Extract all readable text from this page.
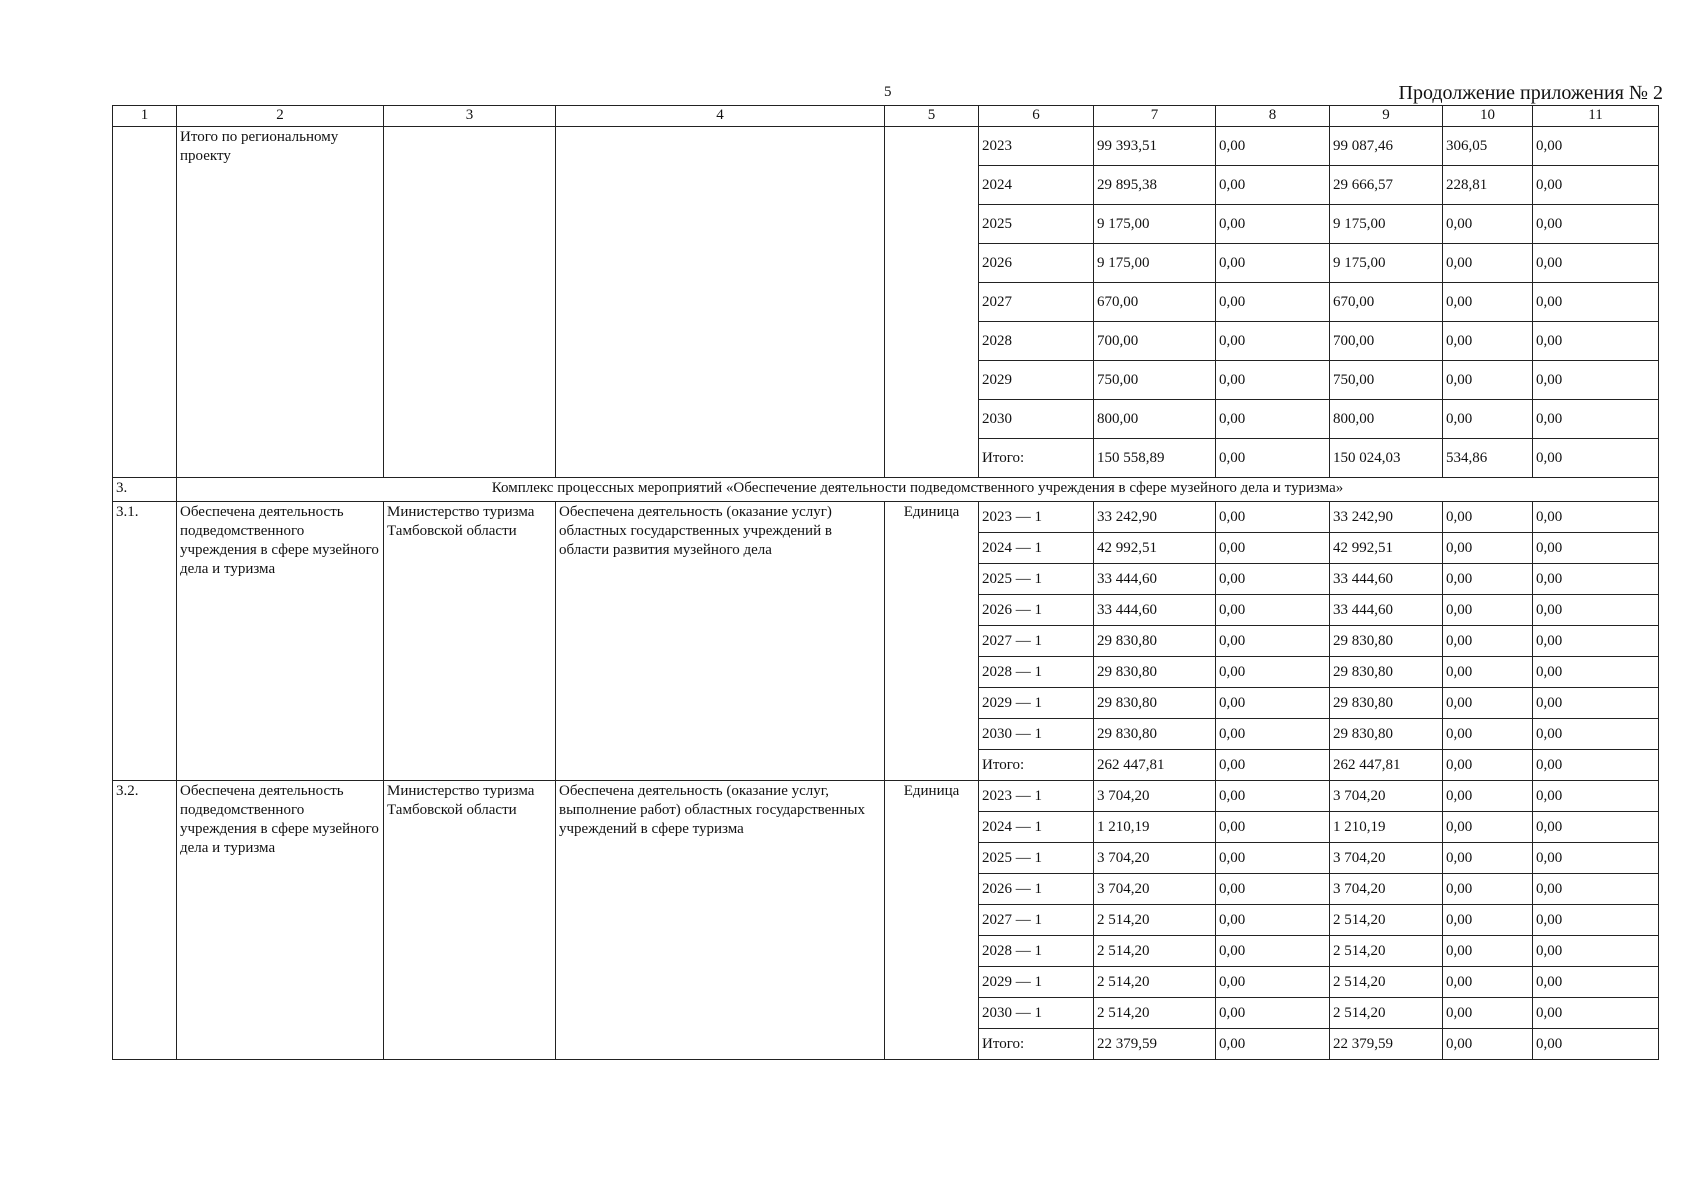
5	Продолжение приложения № 2
1	2	3	4	5	6	7	8	9	10	11
	Итого по региональному проекту				2023	99 393,51	0,00	99 087,46	306,05	0,00
					2024	29 895,38	0,00	29 666,57	228,81	0,00
					2025	9 175,00	0,00	9 175,00	0,00	0,00
					2026	9 175,00	0,00	9 175,00	0,00	0,00
					2027	670,00	0,00	670,00	0,00	0,00
					2028	700,00	0,00	700,00	0,00	0,00
					2029	750,00	0,00	750,00	0,00	0,00
					2030	800,00	0,00	800,00	0,00	0,00
					Итого:	150 558,89	0,00	150 024,03	534,86	0,00
3.	Комплекс процессных мероприятий «Обеспечение деятельности подведомственного учреждения в сфере музейного дела и туризма»									
3.1.	Обеспечена деятельность подведомственного учреждения в сфере музейного дела и туризма	Министерство туризма Тамбовской области	Обеспечена деятельность (оказание услуг) областных государственных учреждений в области развития музейного дела	Единица	2023 — 1	33 242,90	0,00	33 242,90	0,00	0,00
					2024 — 1	42 992,51	0,00	42 992,51	0,00	0,00
					2025 — 1	33 444,60	0,00	33 444,60	0,00	0,00
					2026 — 1	33 444,60	0,00	33 444,60	0,00	0,00
					2027 — 1	29 830,80	0,00	29 830,80	0,00	0,00
					2028 — 1	29 830,80	0,00	29 830,80	0,00	0,00
					2029 — 1	29 830,80	0,00	29 830,80	0,00	0,00
					2030 — 1	29 830,80	0,00	29 830,80	0,00	0,00
					Итого:	262 447,81	0,00	262 447,81	0,00	0,00
3.2.	Обеспечена деятельность подведомственного учреждения в сфере музейного дела и туризма	Министерство туризма Тамбовской области	Обеспечена деятельность (оказание услуг, выполнение работ) областных государственных учреждений в сфере туризма	Единица	2023 — 1	3 704,20	0,00	3 704,20	0,00	0,00
					2024 — 1	1 210,19	0,00	1 210,19	0,00	0,00
					2025 — 1	3 704,20	0,00	3 704,20	0,00	0,00
					2026 — 1	3 704,20	0,00	3 704,20	0,00	0,00
					2027 — 1	2 514,20	0,00	2 514,20	0,00	0,00
					2028 — 1	2 514,20	0,00	2 514,20	0,00	0,00
					2029 — 1	2 514,20	0,00	2 514,20	0,00	0,00
					2030 — 1	2 514,20	0,00	2 514,20	0,00	0,00
					Итого:	22 379,59	0,00	22 379,59	0,00	0,00
